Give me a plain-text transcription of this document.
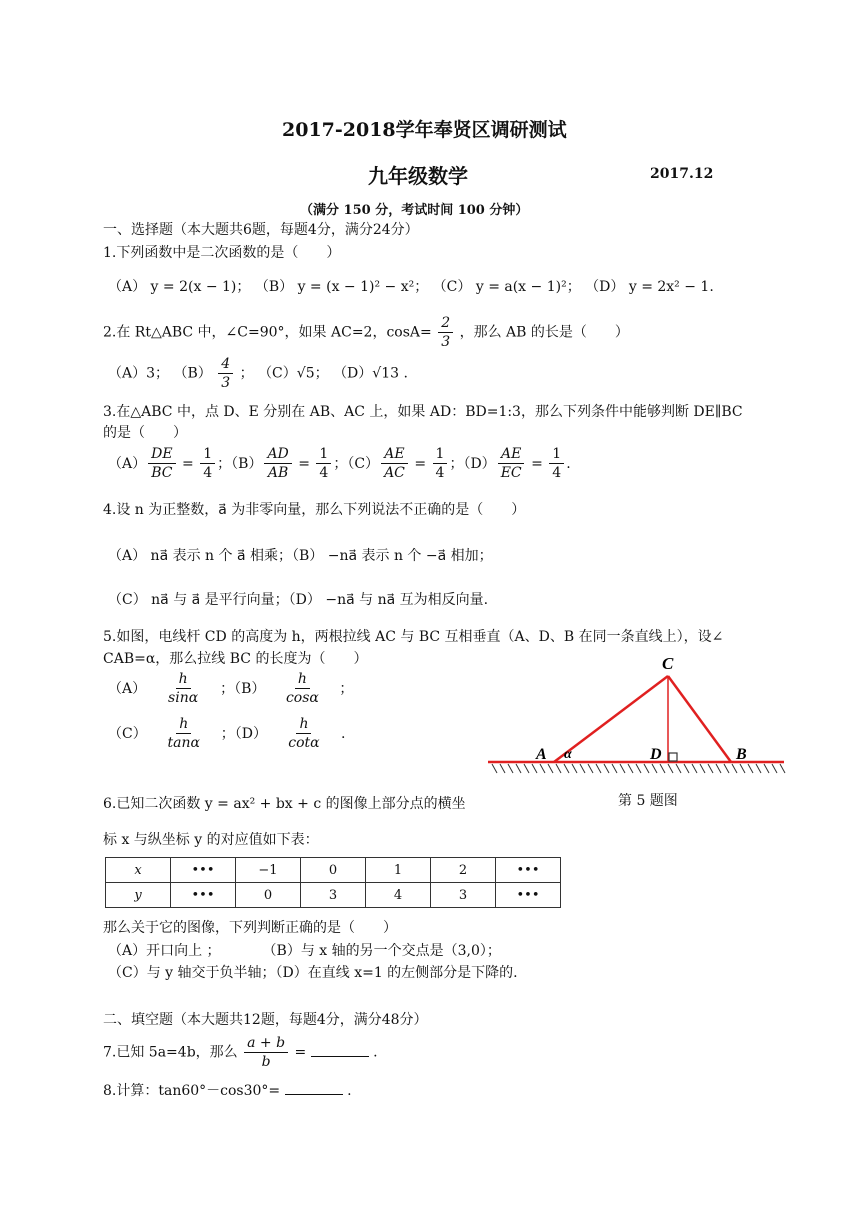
2017-2018学年奉贤区调研测试
九年级数学	2017.12
（满分 150 分，考试时间 100 分钟）
一、选择题（本大题共6题，每题4分，满分24分）
1.下列函数中是二次函数的是（　　）
（A） y = 2(x − 1)； （B） y = (x − 1)² − x²； （C） y = a(x − 1)²； （D） y = 2x² − 1.
2.在 Rt△ABC 中，∠C=90°，如果 AC=2，$\cos A= \frac{2}{3}$ ，那么 AB 的长是（　　）
（A）3； $(B) \frac{4}{3}$ ； （C）√5； （D）√13 .
3.在△ABC 中，点 D、E 分别在 AB、AC 上，如果 AD：BD=1:3，那么下列条件中能够判断 DE∥BC
的是（　　）
$(A) \frac{DE}{BC} = \frac{1}{4}$ ；$(B) \frac{AD}{AB} = \frac{1}{4}$ ；$(C) \frac{AE}{AC} = \frac{1}{4}$ ；$(D) \frac{AE}{EC} = \frac{1}{4}$ .
4.设 n 为正整数，a⃗ 为非零向量，那么下列说法不正确的是（　　）
（A） na⃗ 表示 n 个 a⃗ 相乘；（B） −na⃗ 表示 n 个 −a⃗ 相加；
（C） na⃗ 与 a⃗ 是平行向量；（D） −na⃗ 与 na⃗ 互为相反向量.
5.如图，电线杆 CD 的高度为 h，两根拉线 AC 与 BC 互相垂直（A、D、B 在同一条直线上），设∠
CAB=α，那么拉线 BC 的长度为（　　）
$(A) \frac{h}{\sin\alpha}$ ；$(B) \frac{h}{\cos\alpha}$ ；
$(C) \frac{h}{\tan\alpha}$ ；$(D) \frac{h}{\cot\alpha}$ .
C
A α	D	B
第 5 题图
6.已知二次函数 y = ax² + bx + c 的图像上部分点的横坐
标 x 与纵坐标 y 的对应值如下表：
x	•••	−1	0	1	2	•••
y	•••	0	3	4	3	•••
那么关于它的图像，下列判断正确的是（　　）
（A）开口向上 ；　　　　（B）与 x 轴的另一个交点是（3,0）；
（C）与 y 轴交于负半轴；（D）在直线 x=1 的左侧部分是下降的.
二、填空题（本大题共12题，每题4分，满分48分）
7.已知 5a=4b，那么 $\frac{a + b}{b}$ =	.
8.计算：tan60°－cos30°=	.
